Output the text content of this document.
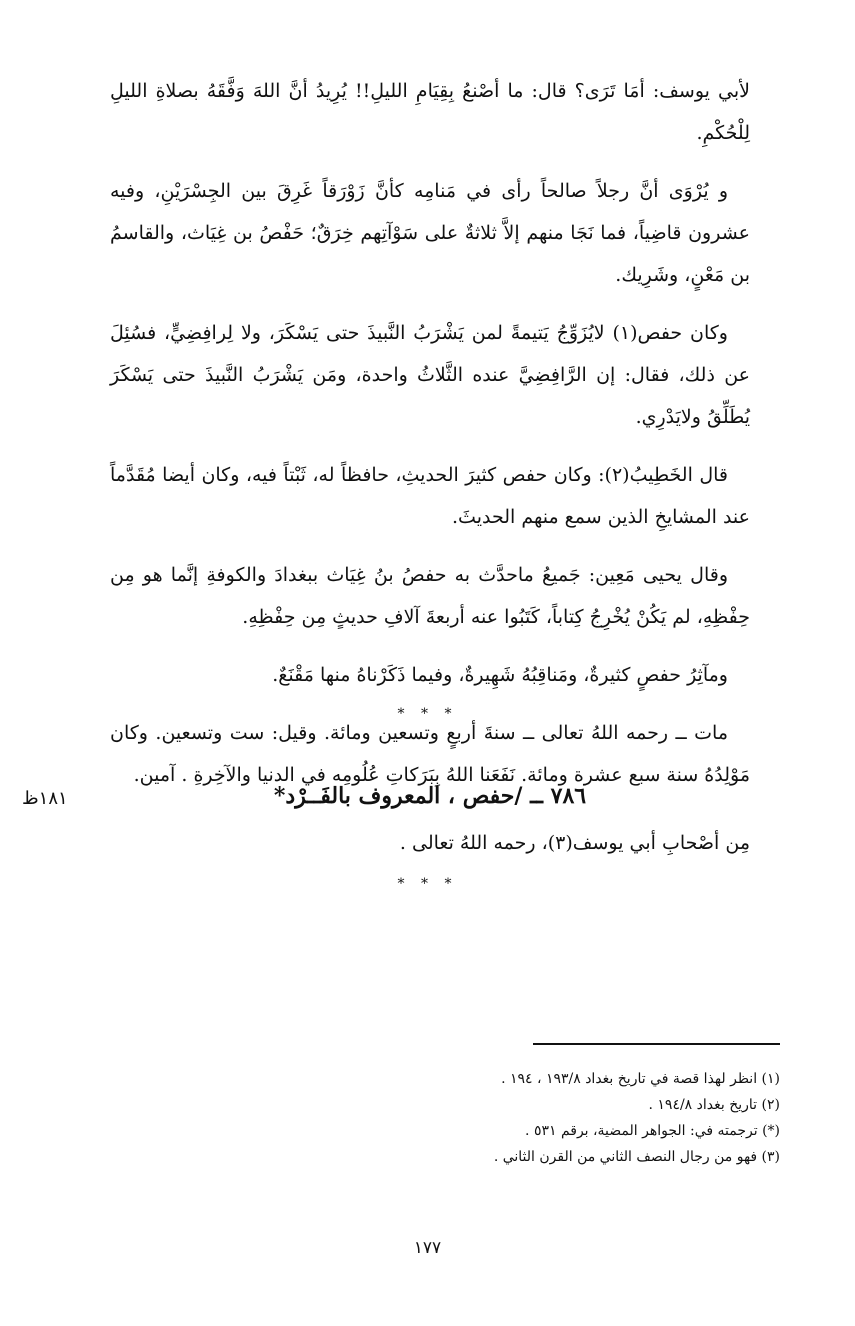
لأبي يوسف: أمَا تَرَى؟ قال: ما أصْنعُ بِقِيَامِ الليلِ!! يُرِيدُ أنَّ اللهَ وَفَّقَهُ بصلاةِ الليلِ لِلْحُكْمِ.

و يُرْوَى أنَّ رجلاً صالحاً رأى في مَنامِه كأنَّ زَوْرَقاً غَرِقَ بين الجِسْرَيْنِ، وفيه عشرون قاضِياً، فما نَجَا منهم إلاَّ ثلاثةٌ على سَوْآتِهم خِرَقٌ؛ حَفْصُ بن غِيَاث، والقاسمُ بن مَعْنٍ، وشَرِيك.

وكان حفص(١) لايُزَوِّجُ يَتيمةً لمن يَشْرَبُ النَّبيذَ حتى يَسْكَرَ، ولا لِرافِضِيٍّ، فسُئِلَ عن ذلك، فقال: إن الرَّافِضِيَّ عنده الثَّلاثُ واحدة، ومَن يَشْرَبُ النَّبيذَ حتى يَسْكَرَ يُطَلِّقُ ولايَدْرِي.

قال الخَطِيبُ(٢): وكان حفص كثيرَ الحديثِ، حافظاً له، ثَبْتاً فيه، وكان أيضا مُقَدَّماً عند المشايخِ الذين سمع منهم الحديثَ.

وقال يحيى مَعِين: جَميعُ ماحدَّث به حفصُ بنُ غِيَاث ببغدادَ والكوفةِ إنَّما هو مِن حِفْظِهِ، لم يَكُنْ يُخْرِجُ كِتاباً، كَتَبُوا عنه أربعةَ آلافِ حديثٍ مِن حِفْظِهِ.

ومآثِرُ حفصٍ كثيرةٌ، ومَناقِبُهُ شَهِيرةٌ، وفيما ذَكَرْناهُ منها مَقْنَعٌ.

مات ــ رحمه اللهُ تعالى ــ سنةَ أربعٍ وتسعين ومائة. وقيل: ست وتسعين. وكان مَوْلِدُهُ سنة سبع عشرة ومائة. نَفَعَنا اللهُ بِبَرَكاتِ عُلُومِه في الدنيا والآخِرةِ . آمين.

* * *
١٨١ظ	٧٨٦ ــ /حفص ، المعروف بالفَــرْد*

مِن أصْحابِ أبي يوسف(٣)، رحمه اللهُ تعالى .

* * *
(١) انظر لهذا قصة في تاريخ بغداد ١٩٣/٨ ، ١٩٤ .
(٢) تاريخ بغداد ١٩٤/٨ .
(*) ترجمته في: الجواهر المضية، برقم ٥٣١ .
(٣) فهو من رجال النصف الثاني من القرن الثاني .
١٧٧
